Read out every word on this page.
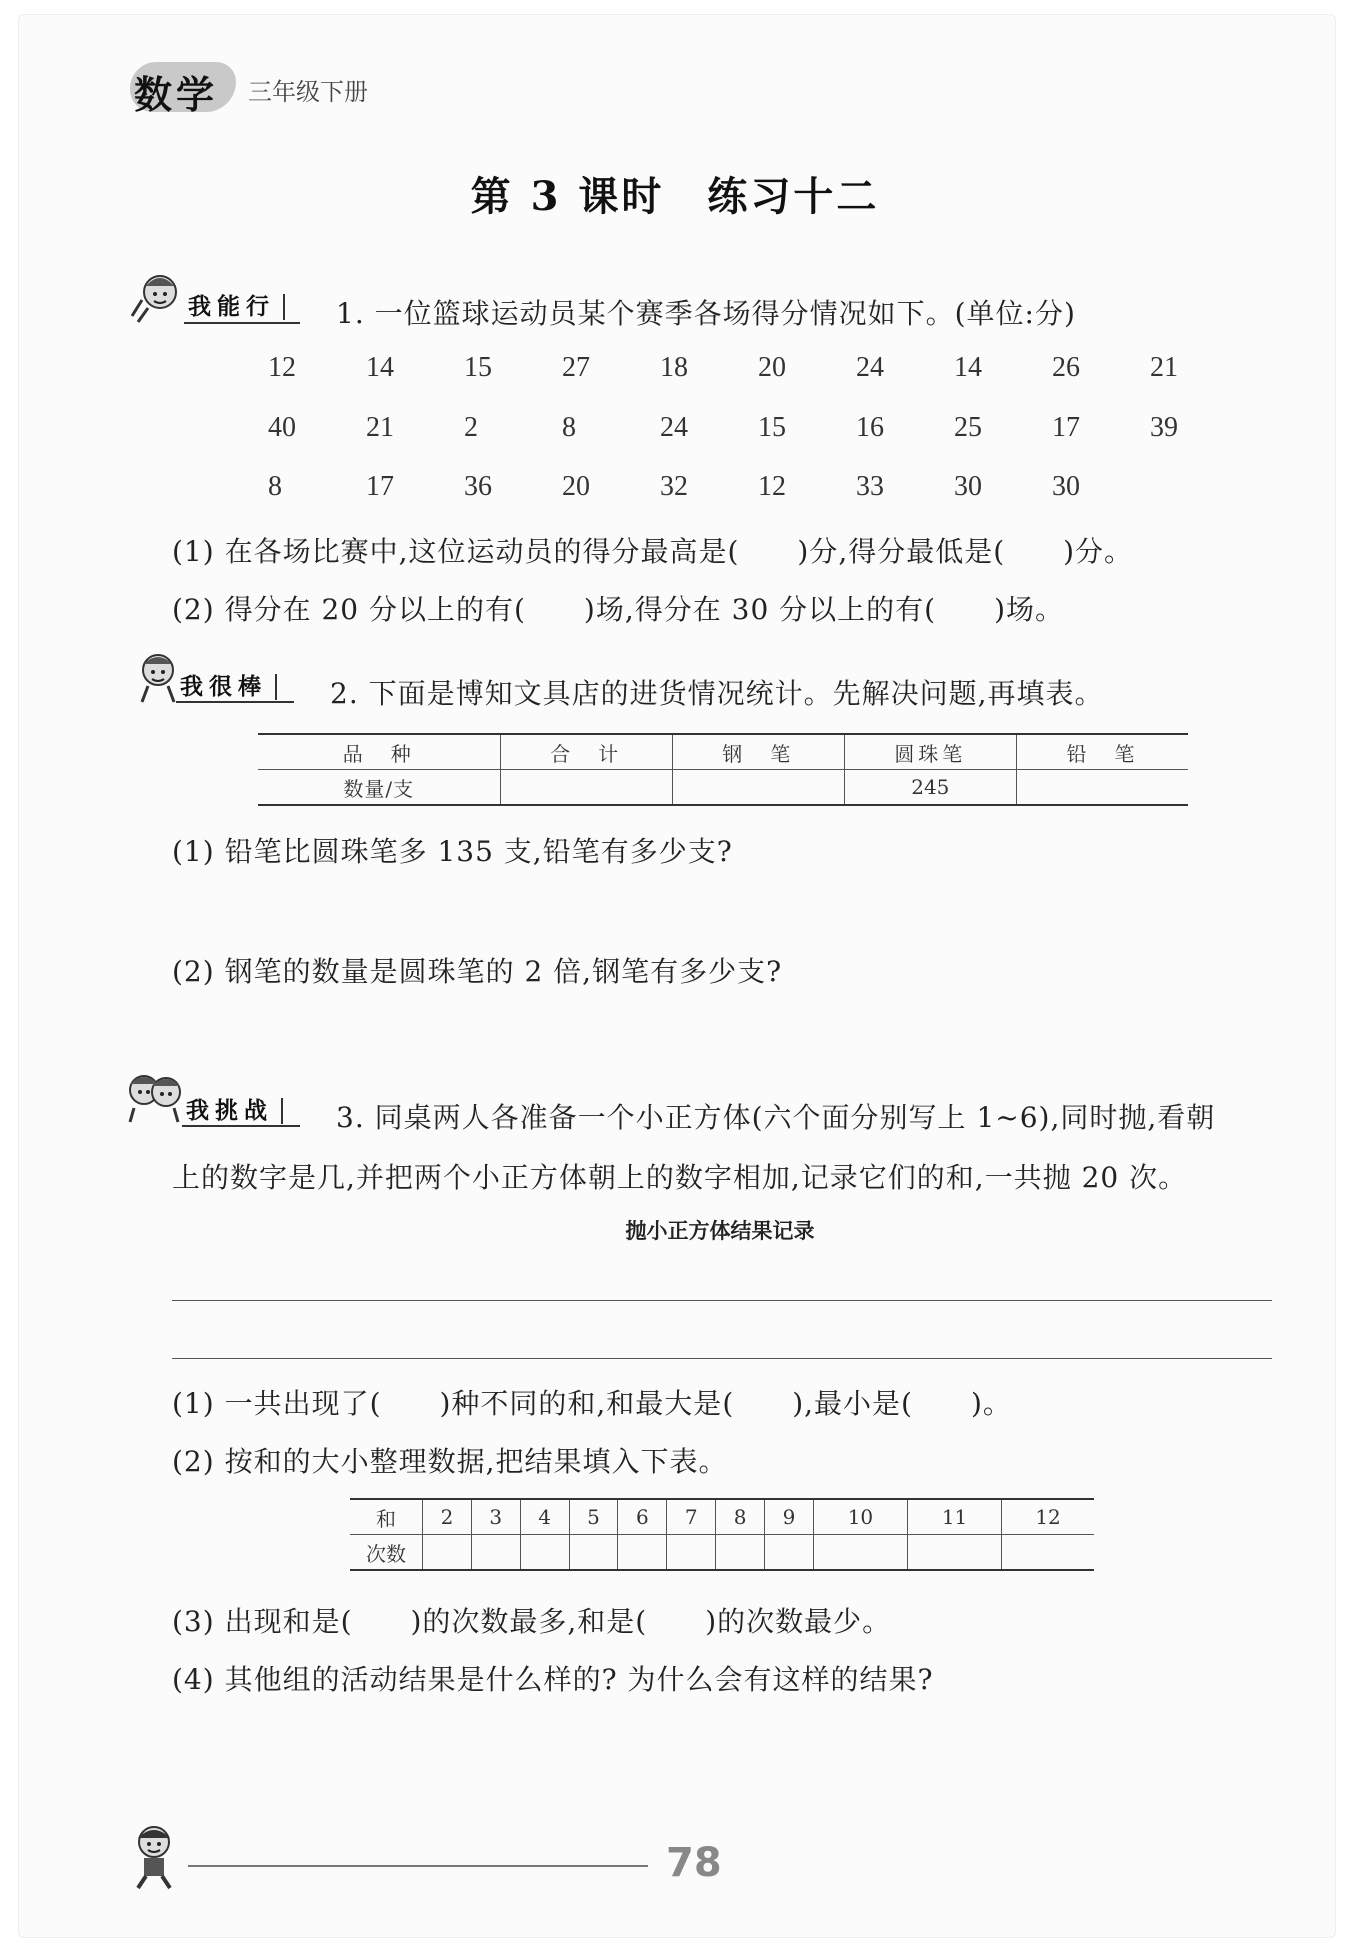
数学 三年级下册
第 3 课时　练习十二
我能行	1. 一位篮球运动员某个赛季各场得分情况如下。(单位:分)
12	14	15	27	18	20	24	14	26	21
40	21	2	8	24	15	16	25	17	39
8	17	36	20	32	12	33	30	30
(1) 在各场比赛中,这位运动员的得分最高是(　　)分,得分最低是(　　)分。
(2) 得分在 20 分以上的有(　　)场,得分在 30 分以上的有(　　)场。
我很棒	2. 下面是博知文具店的进货情况统计。先解决问题,再填表。
品　种	合　计	钢　笔	圆珠笔	铅　笔
数量/支			245	
(1) 铅笔比圆珠笔多 135 支,铅笔有多少支?
(2) 钢笔的数量是圆珠笔的 2 倍,钢笔有多少支?
我挑战	3. 同桌两人各准备一个小正方体(六个面分别写上 1~6),同时抛,看朝
上的数字是几,并把两个小正方体朝上的数字相加,记录它们的和,一共抛 20 次。
抛小正方体结果记录
(1) 一共出现了(　　)种不同的和,和最大是(　　),最小是(　　)。
(2) 按和的大小整理数据,把结果填入下表。
和	2	3	4	5	6	7	8	9	10	11	12
次数											
(3) 出现和是(　　)的次数最多,和是(　　)的次数最少。
(4) 其他组的活动结果是什么样的? 为什么会有这样的结果?
78
